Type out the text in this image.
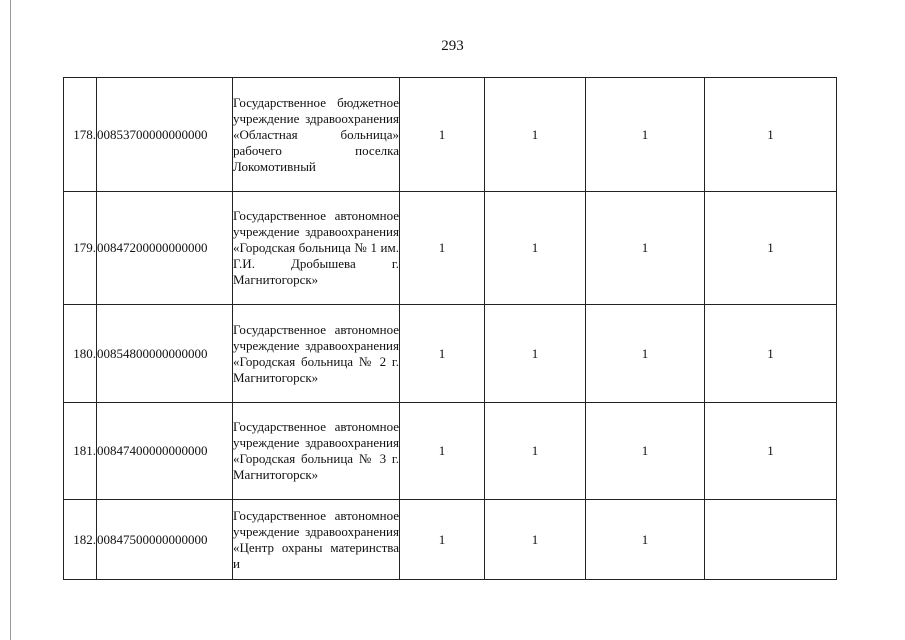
293
178.	00853700000000000	Государственное бюджетное учреждение здравоохранения «Областная больница» рабочего поселка Локомотивный	1	1	1	1
179.	00847200000000000	Государственное автономное учреждение здравоохранения «Городская больница № 1 им. Г.И. Дробышева г. Магнитогорск»	1	1	1	1
180.	00854800000000000	Государственное автономное учреждение здравоохранения «Городская больница № 2 г. Магнитогорск»	1	1	1	1
181.	00847400000000000	Государственное автономное учреждение здравоохранения «Городская больница № 3 г. Магнитогорск»	1	1	1	1
182.	00847500000000000	Государственное автономное учреждение здравоохранения «Центр охраны материнства и	1	1	1	
